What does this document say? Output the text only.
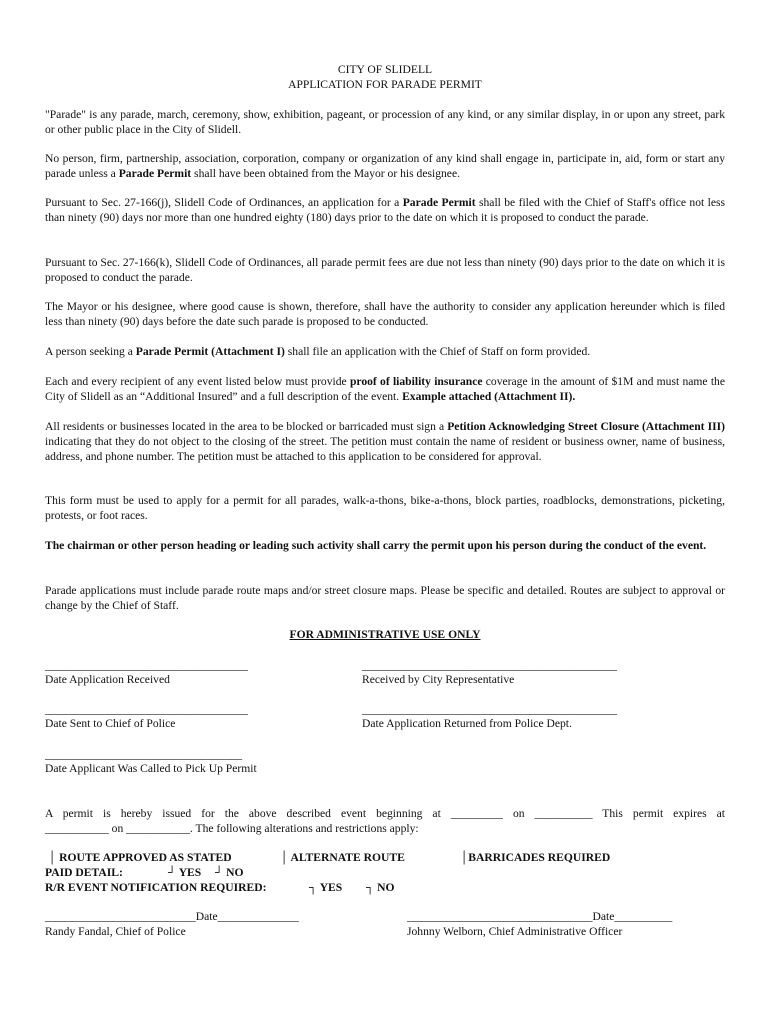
CITY OF SLIDELL
APPLICATION FOR PARADE PERMIT
"Parade" is any parade, march, ceremony, show, exhibition, pageant, or procession of any kind, or any similar display, in or upon any street, park or other public place in the City of Slidell.
No person, firm, partnership, association, corporation, company or organization of any kind shall engage in, participate in, aid, form or start any parade unless a Parade Permit shall have been obtained from the Mayor or his designee.
Pursuant to Sec. 27-166(j), Slidell Code of Ordinances, an application for a Parade Permit shall be filed with the Chief of Staff's office not less than ninety (90) days nor more than one hundred eighty (180) days prior to the date on which it is proposed to conduct the parade.
Pursuant to Sec. 27-166(k), Slidell Code of Ordinances, all parade permit fees are due not less than ninety (90) days prior to the date on which it is proposed to conduct the parade.
The Mayor or his designee, where good cause is shown, therefore, shall have the authority to consider any application hereunder which is filed less than ninety (90) days before the date such parade is proposed to be conducted.
A person seeking a Parade Permit (Attachment I) shall file an application with the Chief of Staff on form provided.
Each and every recipient of any event listed below must provide proof of liability insurance coverage in the amount of $1M and must name the City of Slidell as an “Additional Insured” and a full description of the event. Example attached (Attachment II).
All residents or businesses located in the area to be blocked or barricaded must sign a Petition Acknowledging Street Closure (Attachment III) indicating that they do not object to the closing of the street. The petition must contain the name of resident or business owner, name of business, address, and phone number. The petition must be attached to this application to be considered for approval.
This form must be used to apply for a permit for all parades, walk-a-thons, bike-a-thons, block parties, roadblocks, demonstrations, picketing, protests, or foot races.
The chairman or other person heading or leading such activity shall carry the permit upon his person during the conduct of the event.
Parade applications must include parade route maps and/or street closure maps. Please be specific and detailed. Routes are subject to approval or change by the Chief of Staff.
FOR ADMINISTRATIVE USE ONLY
___________________________________
Date Application Received
____________________________________________
Received by City Representative
___________________________________
Date Sent to Chief of Police
____________________________________________
Date Application Returned from Police Dept.
__________________________________
Date Applicant Was Called to Pick Up Permit
A permit is hereby issued for the above described event beginning at _________ on __________ This permit expires at
___________ on ___________. The following alterations and restrictions apply:
│ ROUTE APPROVED AS STATED	│ ALTERNATE ROUTE	│BARRICADES REQUIRED
PAID DETAIL:	┘ YES ┘ NO
R/R EVENT NOTIFICATION REQUIRED:	┐ YES ┐ NO
__________________________Date______________
Randy Fandal, Chief of Police
________________________________Date__________
Johnny Welborn, Chief Administrative Officer
